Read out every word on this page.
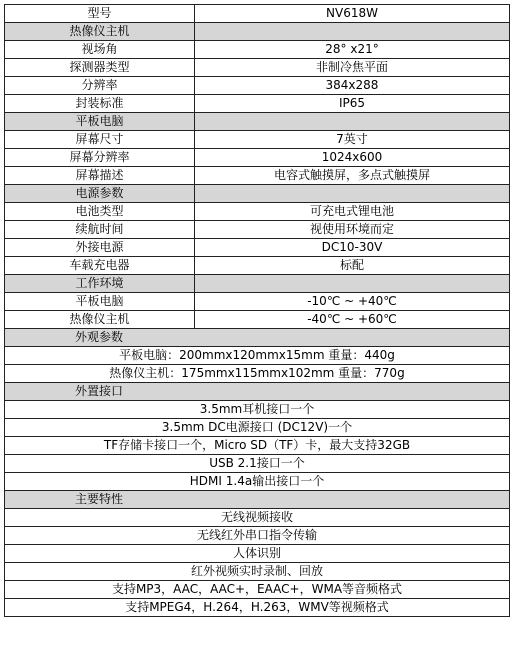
型号	NV618W
热像仪主机	
视场角	28° x21°
探测器类型	非制冷焦平面
分辨率	384x288
封装标准	IP65
平板电脑	
屏幕尺寸	7英寸
屏幕分辨率	1024x600
屏幕描述	电容式触摸屏，多点式触摸屏
电源参数	
电池类型	可充电式锂电池
续航时间	视使用环境而定
外接电源	DC10-30V
车载充电器	标配
工作环境	
平板电脑	-10℃ ~ +40℃
热像仪主机	-40℃ ~ +60℃
外观参数	
平板电脑：200mmx120mmx15mm 重量：440g	
热像仪主机：175mmx115mmx102mm 重量：770g	
外置接口	
3.5mm耳机接口一个	
3.5mm DC电源接口 (DC12V)一个	
TF存储卡接口一个，Micro SD（TF）卡，最大支持32GB	
USB 2.1接口一个	
HDMI 1.4a输出接口一个	
主要特性	
无线视频接收	
无线红外串口指令传输	
人体识别	
红外视频实时录制、回放	
支持MP3，AAC，AAC+，EAAC+，WMA等音频格式	
支持MPEG4，H.264，H.263，WMV等视频格式	
